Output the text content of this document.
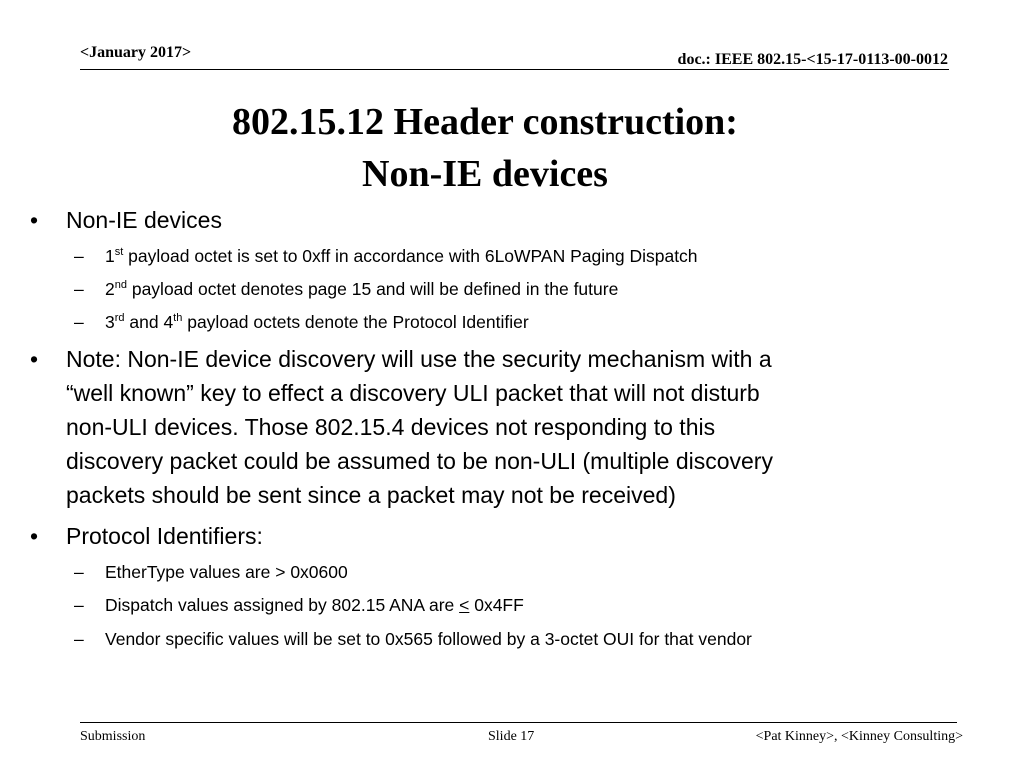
<January 2017>	doc.: IEEE 802.15-<15-17-0113-00-0012
802.15.12 Header construction:
Non-IE devices
• Non-IE devices
– 1st payload octet is set to 0xff in accordance with 6LoWPAN Paging Dispatch
– 2nd payload octet denotes page 15 and will be defined in the future
– 3rd and 4th payload octets denote the Protocol Identifier
• Note: Non-IE device discovery will use the security mechanism with a
“well known” key to effect a discovery ULI packet that will not disturb
non-ULI devices. Those 802.15.4 devices not responding to this
discovery packet could be assumed to be non-ULI (multiple discovery
packets should be sent since a packet may not be received)
• Protocol Identifiers:
– EtherType values are > 0x0600
– Dispatch values assigned by 802.15 ANA are < 0x4FF
– Vendor specific values will be set to 0x565 followed by a 3-octet OUI for that vendor
Submission	Slide 17	<Pat Kinney>, <Kinney Consulting>
